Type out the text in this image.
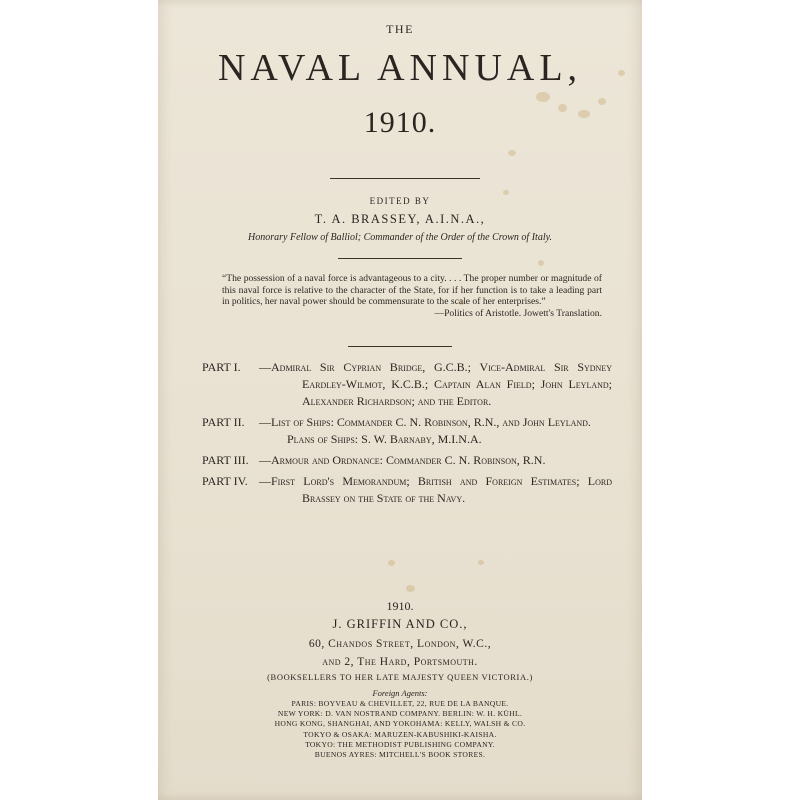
THE
NAVAL ANNUAL,
1910.
EDITED BY
T. A. BRASSEY, A.I.N.A.,
Honorary Fellow of Balliol; Commander of the Order of the Crown of Italy.
“The possession of a naval force is advantageous to a city. . . . The proper number or magnitude of this naval force is relative to the character of the State, for if her function is to take a leading part in politics, her naval power should be commensurate to the scale of her enterprises.”
—Politics of Aristotle. Jowett's Translation.
PART I. —Admiral Sir Cyprian Bridge, G.C.B.; Vice-Admiral Sir Sydney Eardley-Wilmot, K.C.B.; Captain Alan Field; John Leyland; Alexander Richardson; and the Editor.
PART II. —List of Ships: Commander C. N. Robinson, R.N., and John Leyland.
Plans of Ships: S. W. Barnaby, M.I.N.A.
PART III. —Armour and Ordnance: Commander C. N. Robinson, R.N.
PART IV. —First Lord's Memorandum; British and Foreign Estimates; Lord Brassey on the State of the Navy.
1910.
J. GRIFFIN AND CO.,
60, Chandos Street, London, W.C.,
and 2, The Hard, Portsmouth.
(BOOKSELLERS TO HER LATE MAJESTY QUEEN VICTORIA.)
Foreign Agents:
PARIS: BOYVEAU & CHEVILLET, 22, RUE DE LA BANQUE.
NEW YORK: D. VAN NOSTRAND COMPANY. BERLIN: W. H. KÜHL.
HONG KONG, SHANGHAI, AND YOKOHAMA: KELLY, WALSH & CO.
TOKYO & OSAKA: MARUZEN-KABUSHIKI-KAISHA.
TOKYO: THE METHODIST PUBLISHING COMPANY.
BUENOS AYRES: MITCHELL'S BOOK STORES.
